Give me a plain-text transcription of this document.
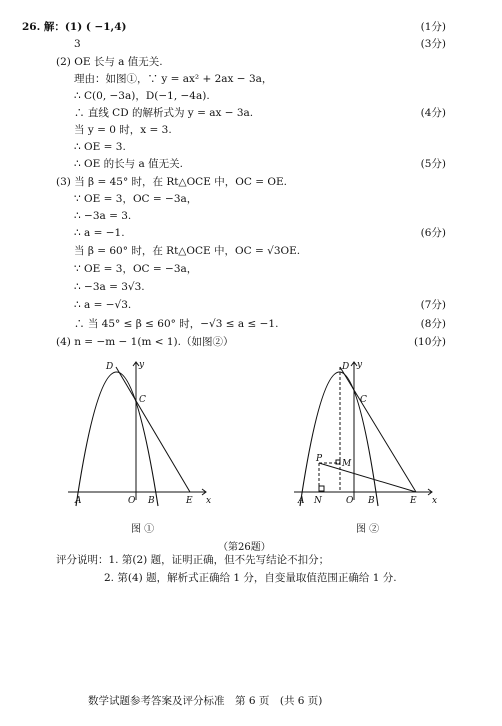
26. 解：(1) ( −1,4)	(1分)
3	(3分)
(2) OE 长与 a 值无关.
理由：如图①，∵ y = ax² + 2ax − 3a，
∴ C(0, −3a)，D(−1, −4a).
∴ 直线 CD 的解析式为 y = ax − 3a.	(4分)
当 y = 0 时，x = 3.
∴ OE = 3.
∴ OE 的长与 a 值无关.	(5分)
(3) 当 β = 45° 时，在 Rt△OCE 中，OC = OE.
∵ OE = 3，OC = −3a，
∴ −3a = 3.
∴ a = −1.	(6分)
当 β = 60° 时，在 Rt△OCE 中，OC = √3OE.
∵ OE = 3，OC = −3a，
∴ −3a = 3√3.
∴ a = −√3.	(7分)
∴ 当 45° ≤ β ≤ 60° 时，−√3 ≤ a ≤ −1.	(8分)
(4) n = −m − 1(m < 1).（如图②）	(10分)
D	y
C
A	O B	E x
图 ①
D y
C
P M
A N	O B	E x
图 ②
（第26题）
评分说明：1. 第(2) 题，证明正确，但不先写结论不扣分；
2. 第(4) 题，解析式正确给 1 分，自变量取值范围正确给 1 分.
数学试题参考答案及评分标准　第 6 页　(共 6 页)
